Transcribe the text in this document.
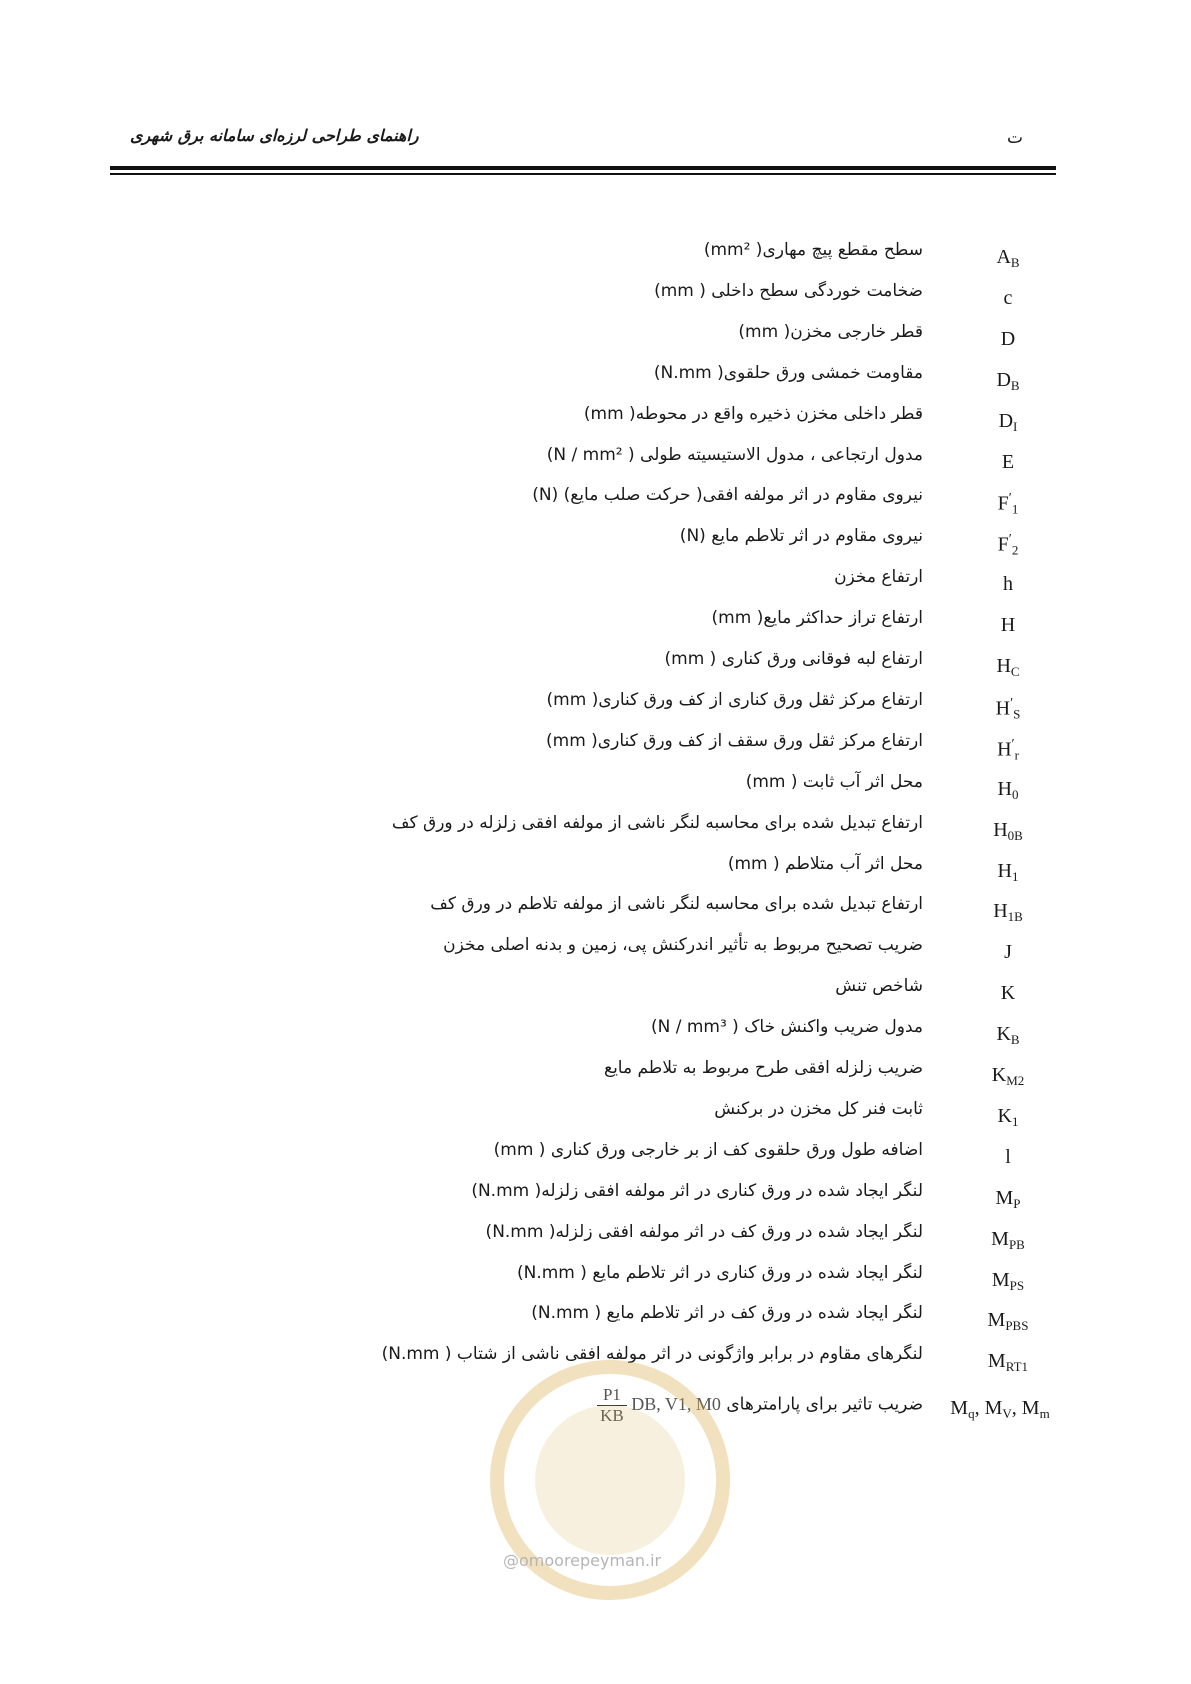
راهنمای طراحی لرزه‌ای سامانه برق شهری	ت
$A_B$
سطح مقطع پیچ مهاری( mm²)
c
ضخامت خوردگی سطح داخلی ( mm)
D
قطر خارجی مخزن( mm)
$D_B$
مقاومت خمشی ورق حلقوی( N.mm)
$D_I$
قطر داخلی مخزن ذخیره واقع در محوطه( mm)
E
مدول ارتجاعی ، مدول الاستیسیته طولی ( N / mm²)
$F'_1$
نیروی مقاوم در اثر مولفه افقی( حرکت صلب مایع) (N)
$F'_2$
نیروی مقاوم در اثر تلاطم مایع (N)
h
ارتفاع مخزن
H
ارتفاع تراز حداکثر مایع( mm)
$H_C$
ارتفاع لبه فوقانی ورق کناری ( mm)
$H'_S$
ارتفاع مرکز ثقل ورق کناری از کف ورق کناری( mm)
$H'_r$
ارتفاع مرکز ثقل ورق سقف از کف ورق کناری( mm)
$H_0$
محل اثر آب ثابت ( mm)
$H_{0B}$
ارتفاع تبدیل شده برای محاسبه لنگر ناشی از مولفه افقی زلزله در ورق کف
$H_1$
محل اثر آب متلاطم ( mm)
$H_{1B}$
ارتفاع تبدیل شده برای محاسبه لنگر ناشی از مولفه تلاطم در ورق کف
J
ضریب تصحیح مربوط به تأثیر اندرکنش پی، زمین و بدنه اصلی مخزن
K
شاخص تنش
$K_B$
مدول ضریب واکنش خاک ( N / mm³)
$K_{M2}$
ضریب زلزله افقی طرح مربوط به تلاطم مایع
$K_1$
ثابت فنر کل مخزن در برکنش
l
اضافه طول ورق حلقوی کف از بر خارجی ورق کناری ( mm)
$M_P$
لنگر ایجاد شده در ورق کناری در اثر مولفه افقی زلزله( N.mm)
$M_{PB}$
لنگر ایجاد شده در ورق کف در اثر مولفه افقی زلزله( N.mm)
$M_{PS}$
لنگر ایجاد شده در ورق کناری در اثر تلاطم مایع ( N.mm)
$M_{PBS}$
لنگر ایجاد شده در ورق کف در اثر تلاطم مایع ( N.mm)
$M_{RT1}$
لنگرهای مقاوم در برابر واژگونی در اثر مولفه افقی ناشی از شتاب ( N.mm)
$M_q$, $M_V$, $M_m$
ضریب تاثیر برای پارامترهای
$\frac{P1}{KB}$ DB, V1, M0
@omoorepeyman.ir
